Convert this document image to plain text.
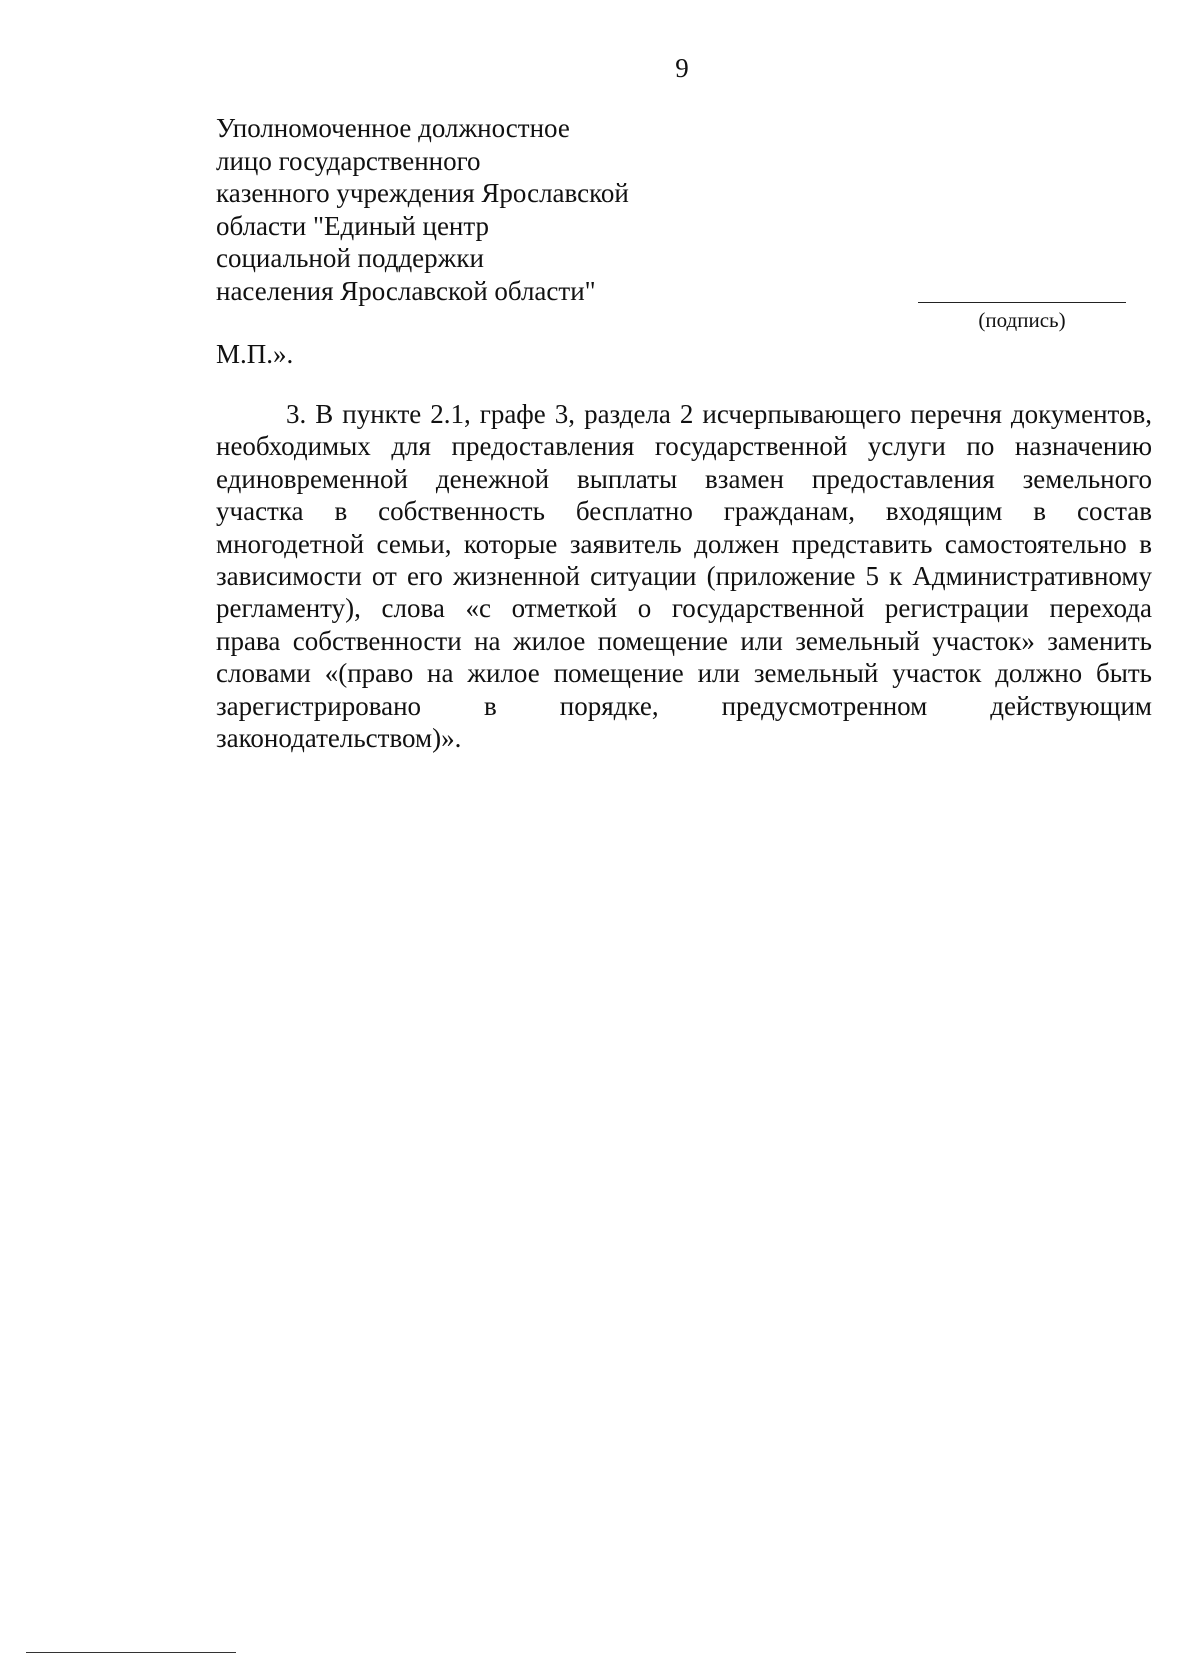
9
Уполномоченное должностное
лицо государственного
казенного учреждения Ярославской
области "Единый центр
социальной поддержки
населения Ярославской области"
(подпись)
М.П.».
3. В пункте 2.1, графе 3, раздела 2 исчерпывающего перечня документов,
необходимых для предоставления государственной услуги по назначению
единовременной денежной выплаты взамен предоставления земельного
участка в собственность бесплатно гражданам, входящим в состав
многодетной семьи, которые заявитель должен представить самостоятельно в
зависимости от его жизненной ситуации (приложение 5 к Административному
регламенту), слова «с отметкой о государственной регистрации перехода
права собственности на жилое помещение или земельный участок» заменить
словами «(право на жилое помещение или земельный участок должно быть
зарегистрировано в порядке, предусмотренном действующим
законодательством)».
